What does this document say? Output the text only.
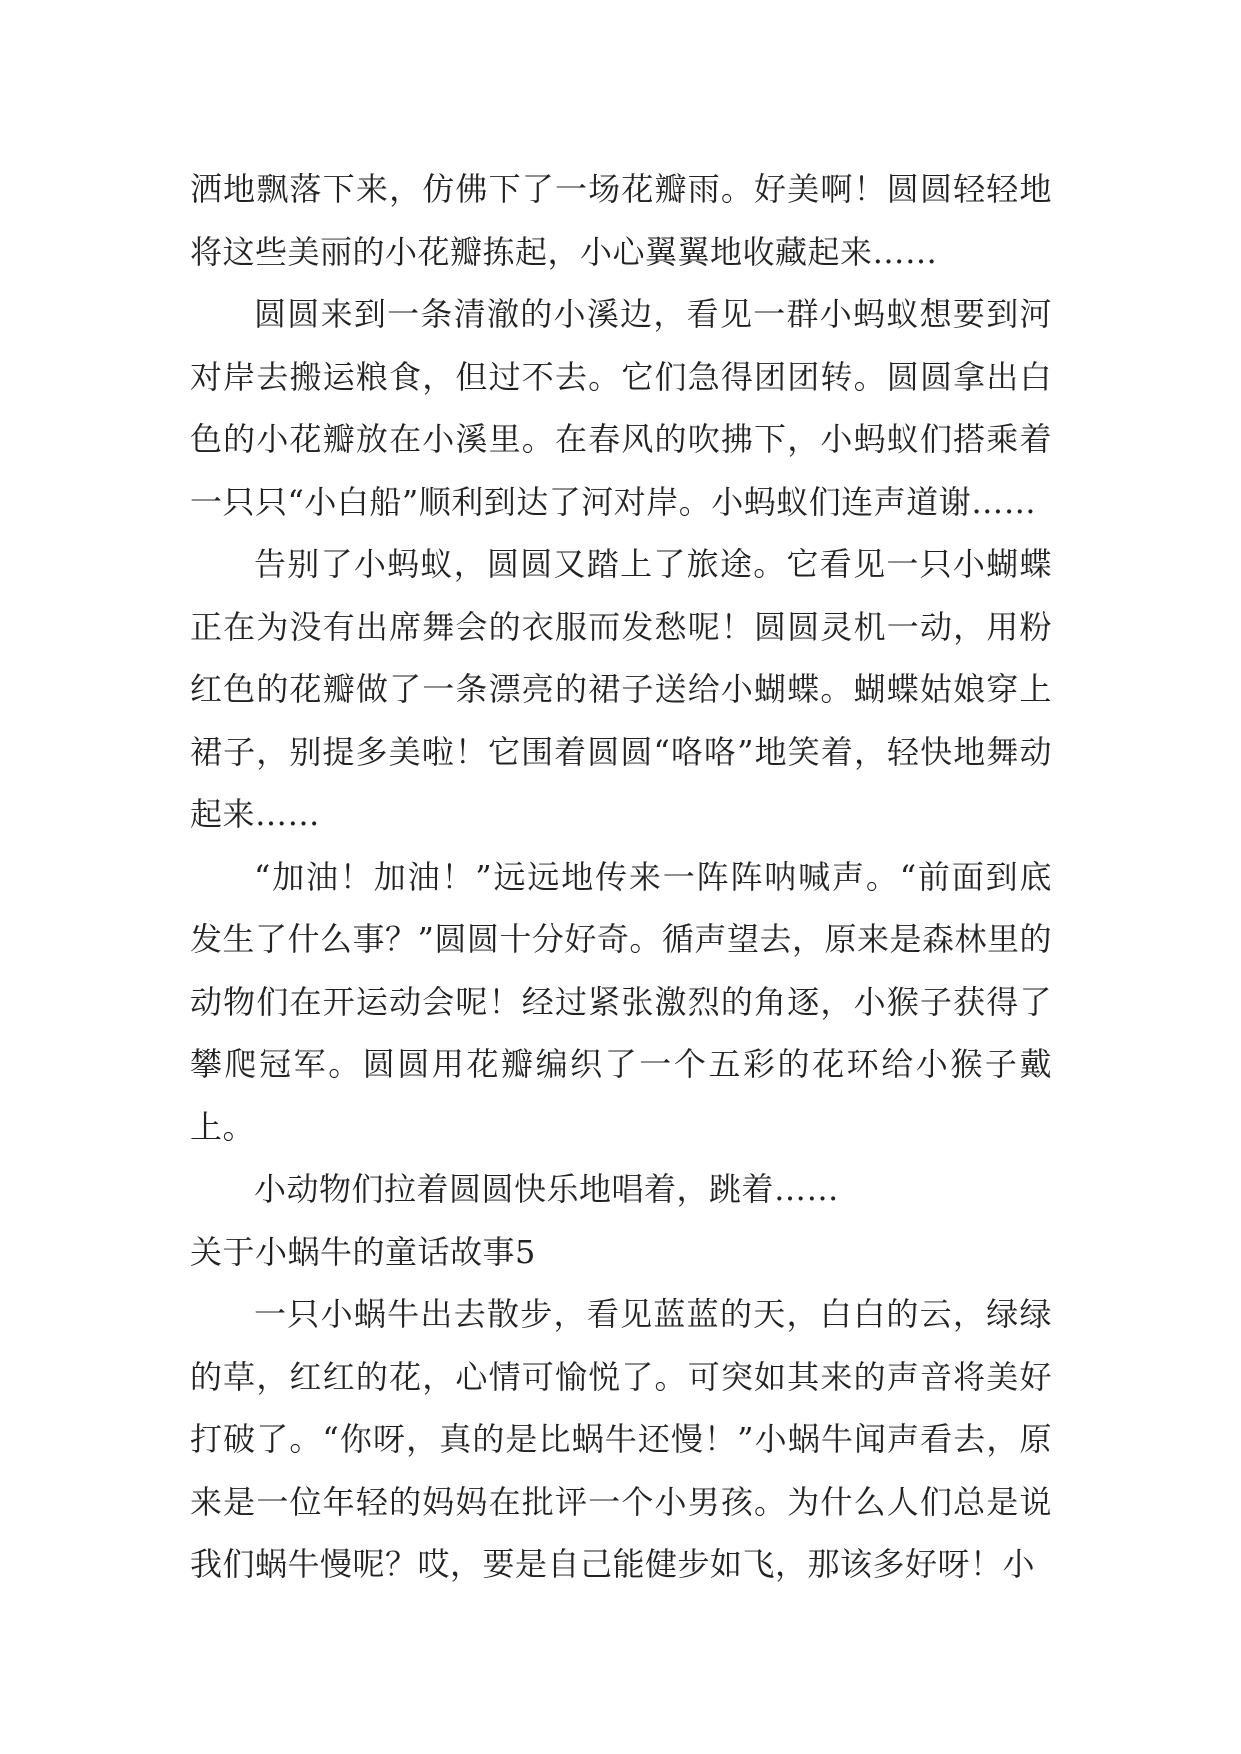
洒地飘落下来，仿佛下了一场花瓣雨。好美啊！圆圆轻轻地将这些美丽的小花瓣拣起，小心翼翼地收藏起来……

圆圆来到一条清澈的小溪边，看见一群小蚂蚁想要到河对岸去搬运粮食，但过不去。它们急得团团转。圆圆拿出白色的小花瓣放在小溪里。在春风的吹拂下，小蚂蚁们搭乘着一只只“小白船”顺利到达了河对岸。小蚂蚁们连声道谢……

告别了小蚂蚁，圆圆又踏上了旅途。它看见一只小蝴蝶正在为没有出席舞会的衣服而发愁呢！圆圆灵机一动，用粉红色的花瓣做了一条漂亮的裙子送给小蝴蝶。蝴蝶姑娘穿上裙子，别提多美啦！它围着圆圆“咯咯”地笑着，轻快地舞动起来……

“加油！加油！”远远地传来一阵阵呐喊声。“前面到底发生了什么事？”圆圆十分好奇。循声望去，原来是森林里的动物们在开运动会呢！经过紧张激烈的角逐，小猴子获得了攀爬冠军。圆圆用花瓣编织了一个五彩的花环给小猴子戴上。

小动物们拉着圆圆快乐地唱着，跳着……

关于小蜗牛的童话故事5

一只小蜗牛出去散步，看见蓝蓝的天，白白的云，绿绿的草，红红的花，心情可愉悦了。可突如其来的声音将美好打破了。“你呀，真的是比蜗牛还慢！”小蜗牛闻声看去，原来是一位年轻的妈妈在批评一个小男孩。为什么人们总是说我们蜗牛慢呢？哎，要是自己能健步如飞，那该多好呀！小
